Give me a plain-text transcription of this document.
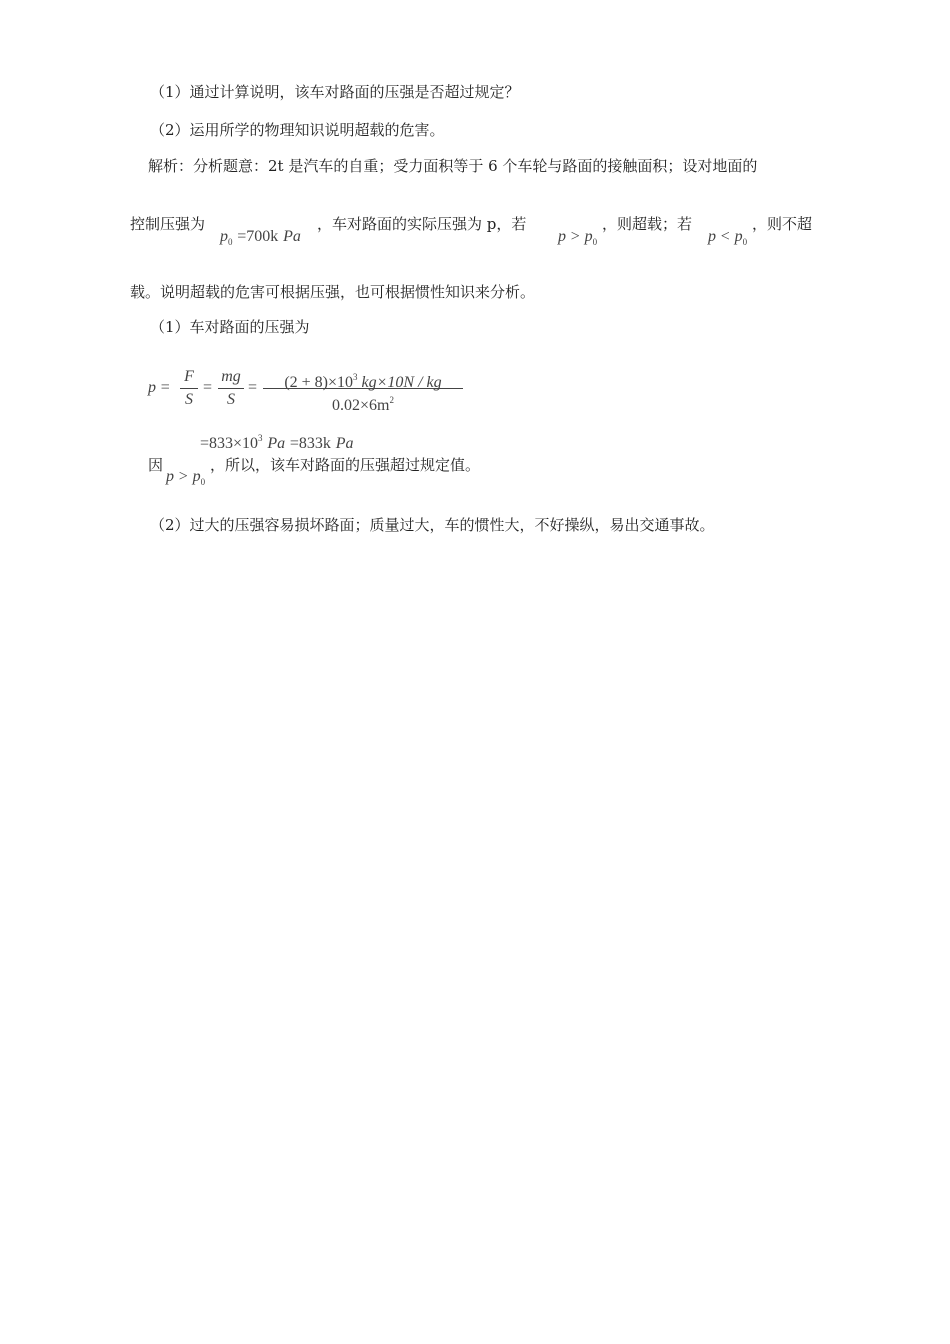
（1）通过计算说明，该车对路面的压强是否超过规定？
（2）运用所学的物理知识说明超载的危害。
解析：分析题意：2t 是汽车的自重；受力面积等于 6 个车轮与路面的接触面积；设对地面的
控制压强为
$p_0 =700k$ Pa
，车对路面的实际压强为 p，若
$p > p_0$
，则超载；若
$p < p_0$
，则不超
载。说明超载的危害可根据压强，也可根据惯性知识来分析。
（1）车对路面的压强为
p =
F
S
=
mg
S
=	$(2 + 8)\times 10^3$ kg×10N / kg
$0.02\times 6m^2$
$=833\times 10^3$ Pa =833k Pa
因
$p > p_0$
，所以，该车对路面的压强超过规定值。
（2）过大的压强容易损坏路面；质量过大，车的惯性大，不好操纵，易出交通事故。
